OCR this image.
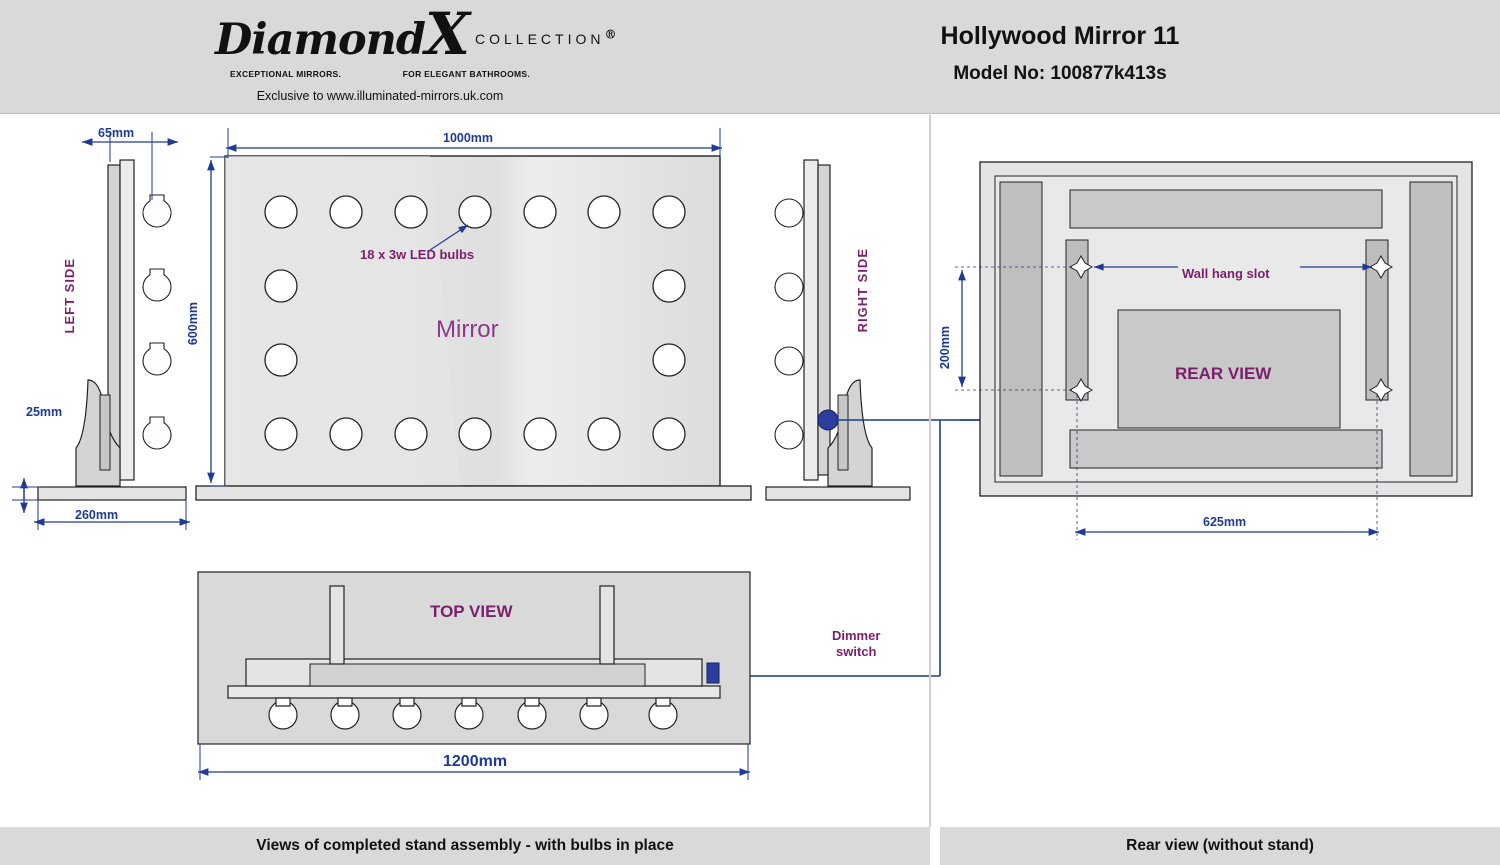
DiamondX $^{COLLECTION®}$
EXCEPTIONAL MIRRORS.	FOR ELEGANT BATHROOMS.
Exclusive to www.illuminated-mirrors.uk.com
Hollywood Mirror 11
Model No: 100877k413s
65mm
25mm
260mm
1000mm
600mm
1200mm
200mm
625mm
LEFT SIDE	RIGHT SIDE
18 x 3w LED bulbs
Mirror
TOP VIEW
REAR VIEW
Wall hang slot
Dimmer
switch
Views of completed stand assembly - with bulbs in place	Rear view (without stand)
